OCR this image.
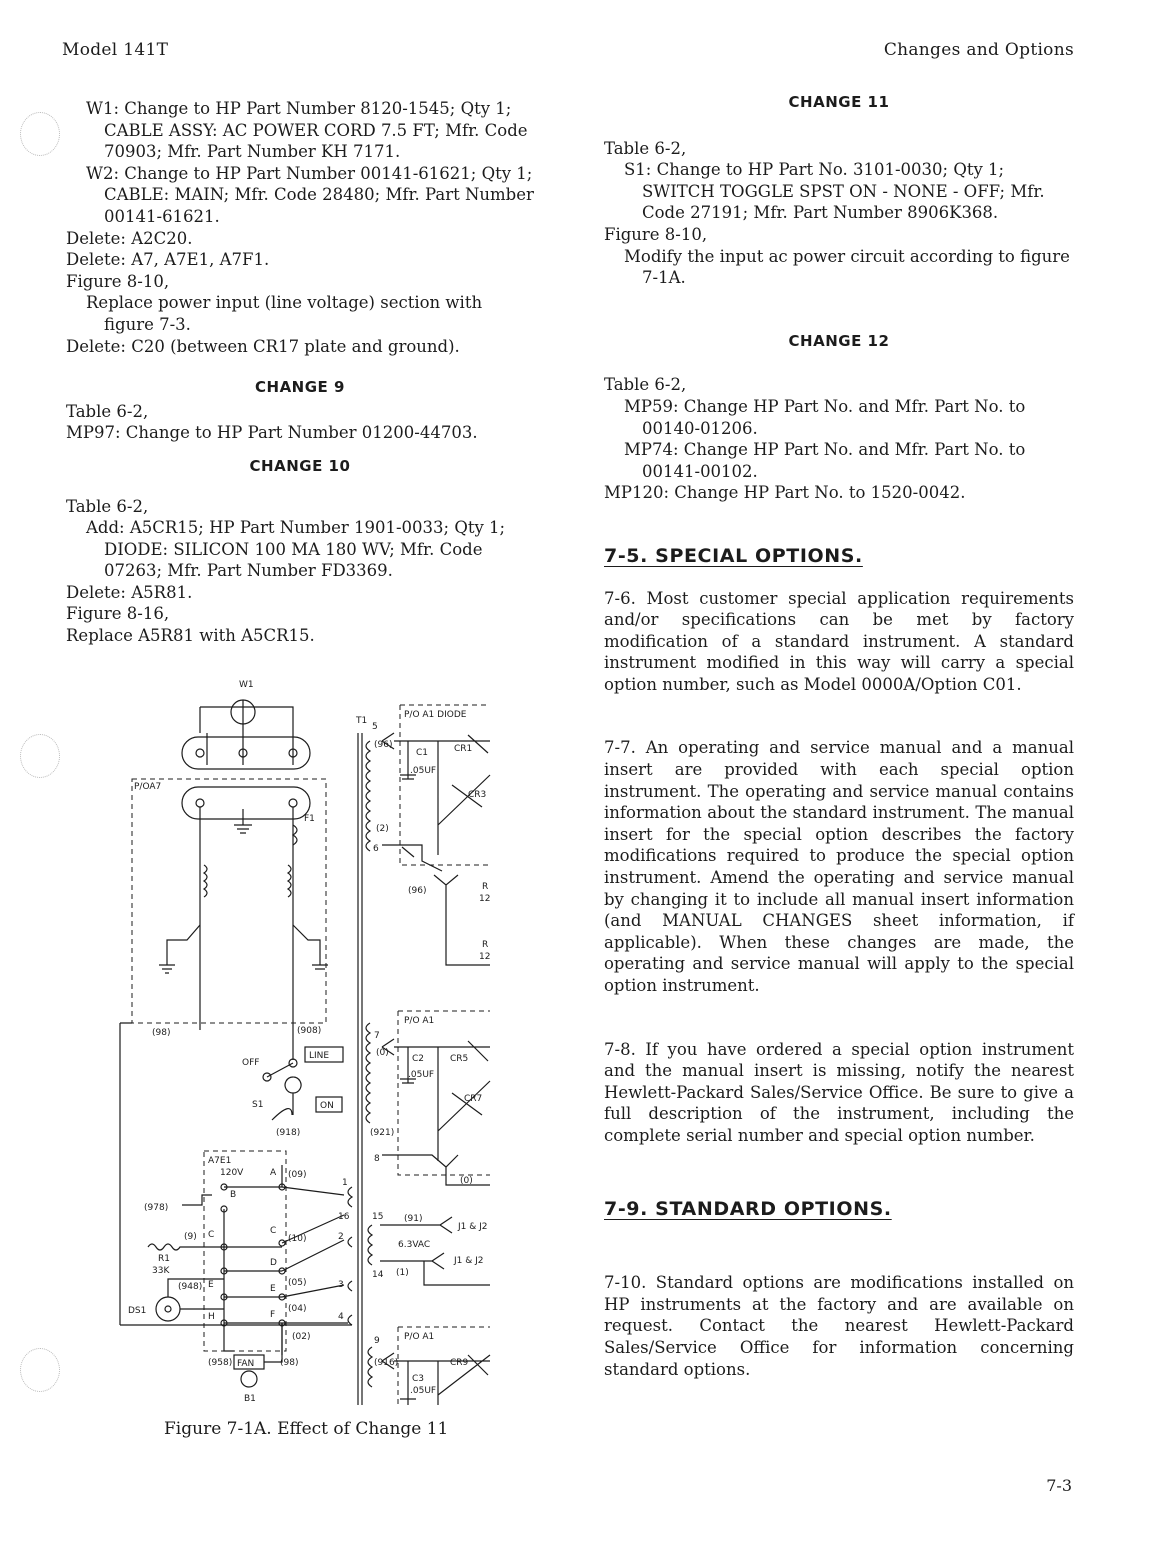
Model 141T	Changes and Options

W1: Change to HP Part Number 8120-1545; Qty 1; CABLE ASSY: AC POWER CORD 7.5 FT; Mfr. Code 70903; Mfr. Part Number KH 7171.

W2: Change to HP Part Number 00141-61621; Qty 1; CABLE: MAIN; Mfr. Code 28480; Mfr. Part Number 00141-61621.

Delete: A2C20.

Delete: A7, A7E1, A7F1.

Figure 8-10,

Replace power input (line voltage) section with figure 7-3.

Delete: C20 (between CR17 plate and ground).

CHANGE 9

Table 6-2,

MP97: Change to HP Part Number 01200-44703.

CHANGE 10

Table 6-2,

Add: A5CR15; HP Part Number 1901-0033; Qty 1; DIODE: SILICON 100 MA 180 WV; Mfr. Code 07263; Mfr. Part Number FD3369.

Delete: A5R81.

Figure 8-16,

Replace A5R81 with A5CR15.

CHANGE 11

Table 6-2,

S1: Change to HP Part No. 3101-0030; Qty 1; SWITCH TOGGLE SPST ON - NONE - OFF; Mfr. Code 27191; Mfr. Part Number 8906K368.

Figure 8-10,

Modify the input ac power circuit according to figure 7-1A.

CHANGE 12

Table 6-2,

MP59: Change HP Part No. and Mfr. Part No. to 00140-01206.

MP74: Change HP Part No. and Mfr. Part No. to 00141-00102.

MP120: Change HP Part No. to 1520-0042.

7-5. SPECIAL OPTIONS.

7-6. Most customer special application requirements and/or specifications can be met by factory modification of a standard instrument. A standard instrument modified in this way will carry a special option number, such as Model 0000A/Option C01.

7-7. An operating and service manual and a manual insert are provided with each special option instrument. The operating and service manual contains information about the standard instrument. The manual insert for the special option describes the factory modifications required to produce the special option instrument. Amend the operating and service manual by changing it to include all manual insert information (and MANUAL CHANGES sheet information, if applicable). When these changes are made, the operating and service manual will apply to the special option instrument.

7-8. If you have ordered a special option instrument and the manual insert is missing, notify the nearest Hewlett-Packard Sales/Service Office. Be sure to give a full description of the instrument, including the complete serial number and special option number.

7-9. STANDARD OPTIONS.

7-10. Standard options are modifications installed on HP instruments at the factory and are available on request. Contact the nearest Hewlett-Packard Sales/Service Office for information concerning standard options.

W1
P/OA7
F1
(98)	(908)
OFF
LINE
S1	ON
(918)
A7E1
120V	A (09)
B
C	C
(10)
D
(05)
E	E
(04)
H	F
(02)
(978)
(9)
R1
33K
(948)
DS1
(958) FAN	(98)
B1
T1
5
6
7
8
15
14
9
1
16
2
3
4
P/O A1 DIODE
(96)
C1
.05UF
CR1
CR3
(2)
(96)	R
12
R
12
P/O A1
(0)
C2
.05UF
CR5
CR7
(921)
(0)
(91)
6.3VAC
J1 & J2
J1 & J2
(1)
P/O A1
(916)
C3
.05UF
CR9
Figure 7-1A. Effect of Change 11
7-3
